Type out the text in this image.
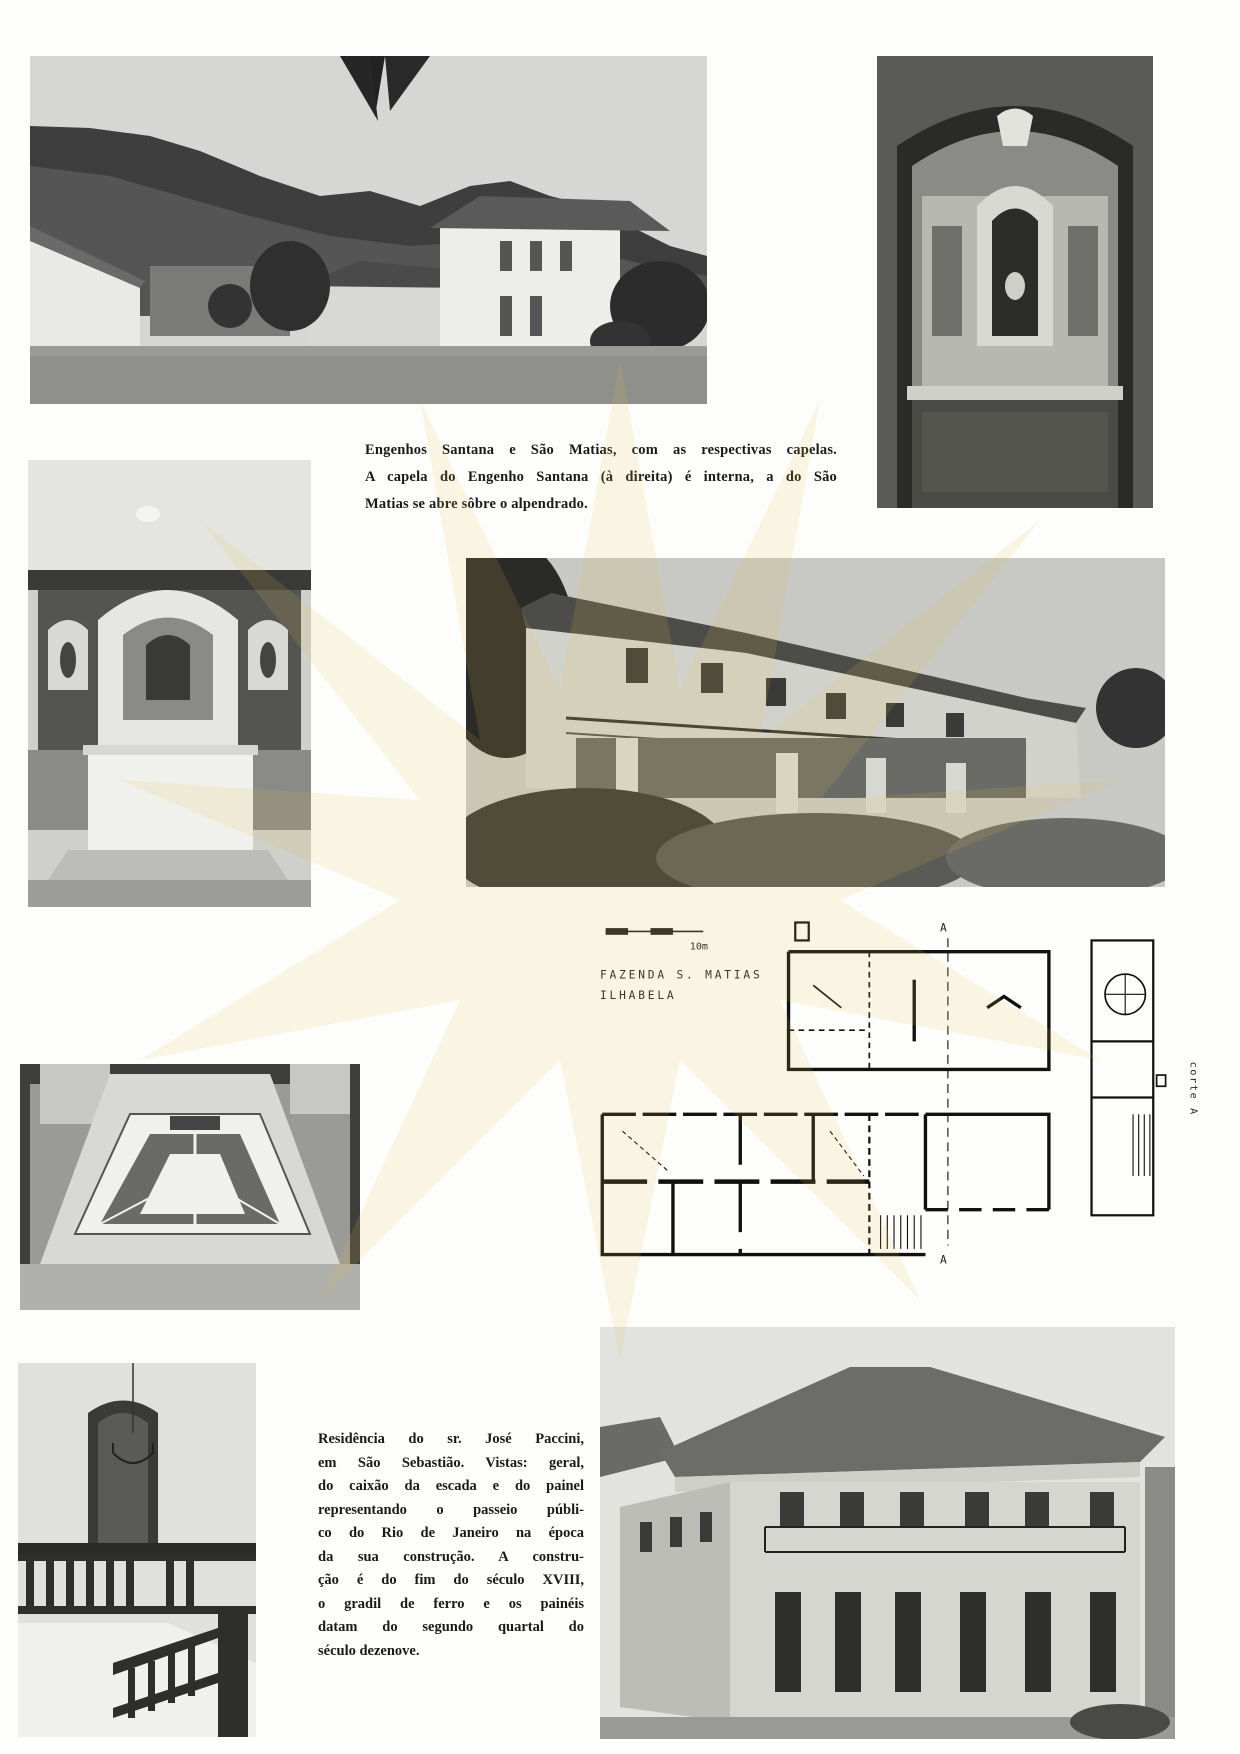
Engenhos Santana e São Matias, com as respectivas capelas.
A capela do Engenho Santana (à direita) é interna, a do São
Matias se abre sôbre o alpendrado.
10m
FAZENDA S. MATIAS
ILHABELA
A
A
corte A
Residência do sr. José Paccini,
em São Sebastião. Vistas: geral,
do caixão da escada e do painel
representando o passeio públi-
co do Rio de Janeiro na época
da sua construção. A constru-
ção é do fim do século XVIII,
o gradil de ferro e os painéis
datam do segundo quartal do
século dezenove.
